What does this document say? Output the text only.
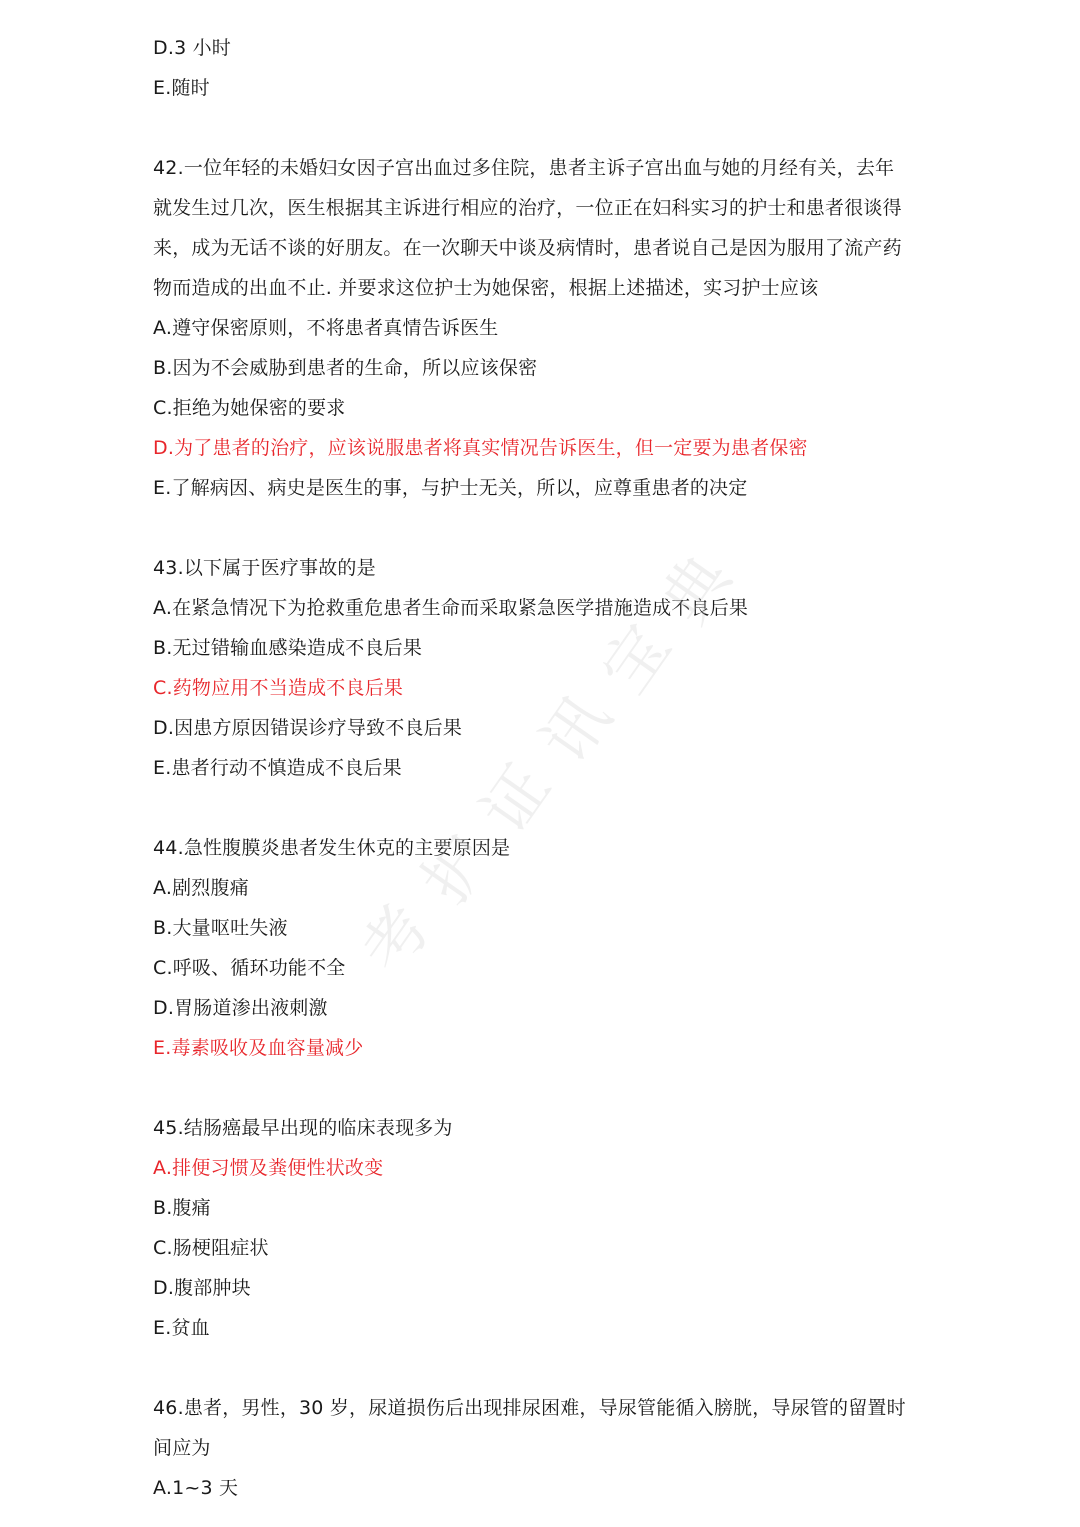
D.3 小时
E.随时
42.一位年轻的未婚妇女因子宫出血过多住院，患者主诉子宫出血与她的月经有关，去年
就发生过几次，医生根据其主诉进行相应的治疗，一位正在妇科实习的护士和患者很谈得
来，成为无话不谈的好朋友。在一次聊天中谈及病情时，患者说自己是因为服用了流产药
物而造成的出血不止. 并要求这位护士为她保密，根据上述描述，实习护士应该
A.遵守保密原则，不将患者真情告诉医生
B.因为不会威胁到患者的生命，所以应该保密
C.拒绝为她保密的要求
D.为了患者的治疗，应该说服患者将真实情况告诉医生，但一定要为患者保密
E.了解病因、病史是医生的事，与护士无关，所以，应尊重患者的决定
43.以下属于医疗事故的是
A.在紧急情况下为抢救重危患者生命而采取紧急医学措施造成不良后果
B.无过错输血感染造成不良后果
C.药物应用不当造成不良后果
D.因患方原因错误诊疗导致不良后果
E.患者行动不慎造成不良后果
44.急性腹膜炎患者发生休克的主要原因是
A.剧烈腹痛
B.大量呕吐失液
C.呼吸、循环功能不全
D.胃肠道渗出液刺激
E.毒素吸收及血容量减少
45.结肠癌最早出现的临床表现多为
A.排便习惯及粪便性状改变
B.腹痛
C.肠梗阻症状
D.腹部肿块
E.贫血
46.患者，男性，30 岁，尿道损伤后出现排尿困难，导尿管能循入膀胱，导尿管的留置时
间应为
A.1~3 天
考
护
证
讯
宝
典
